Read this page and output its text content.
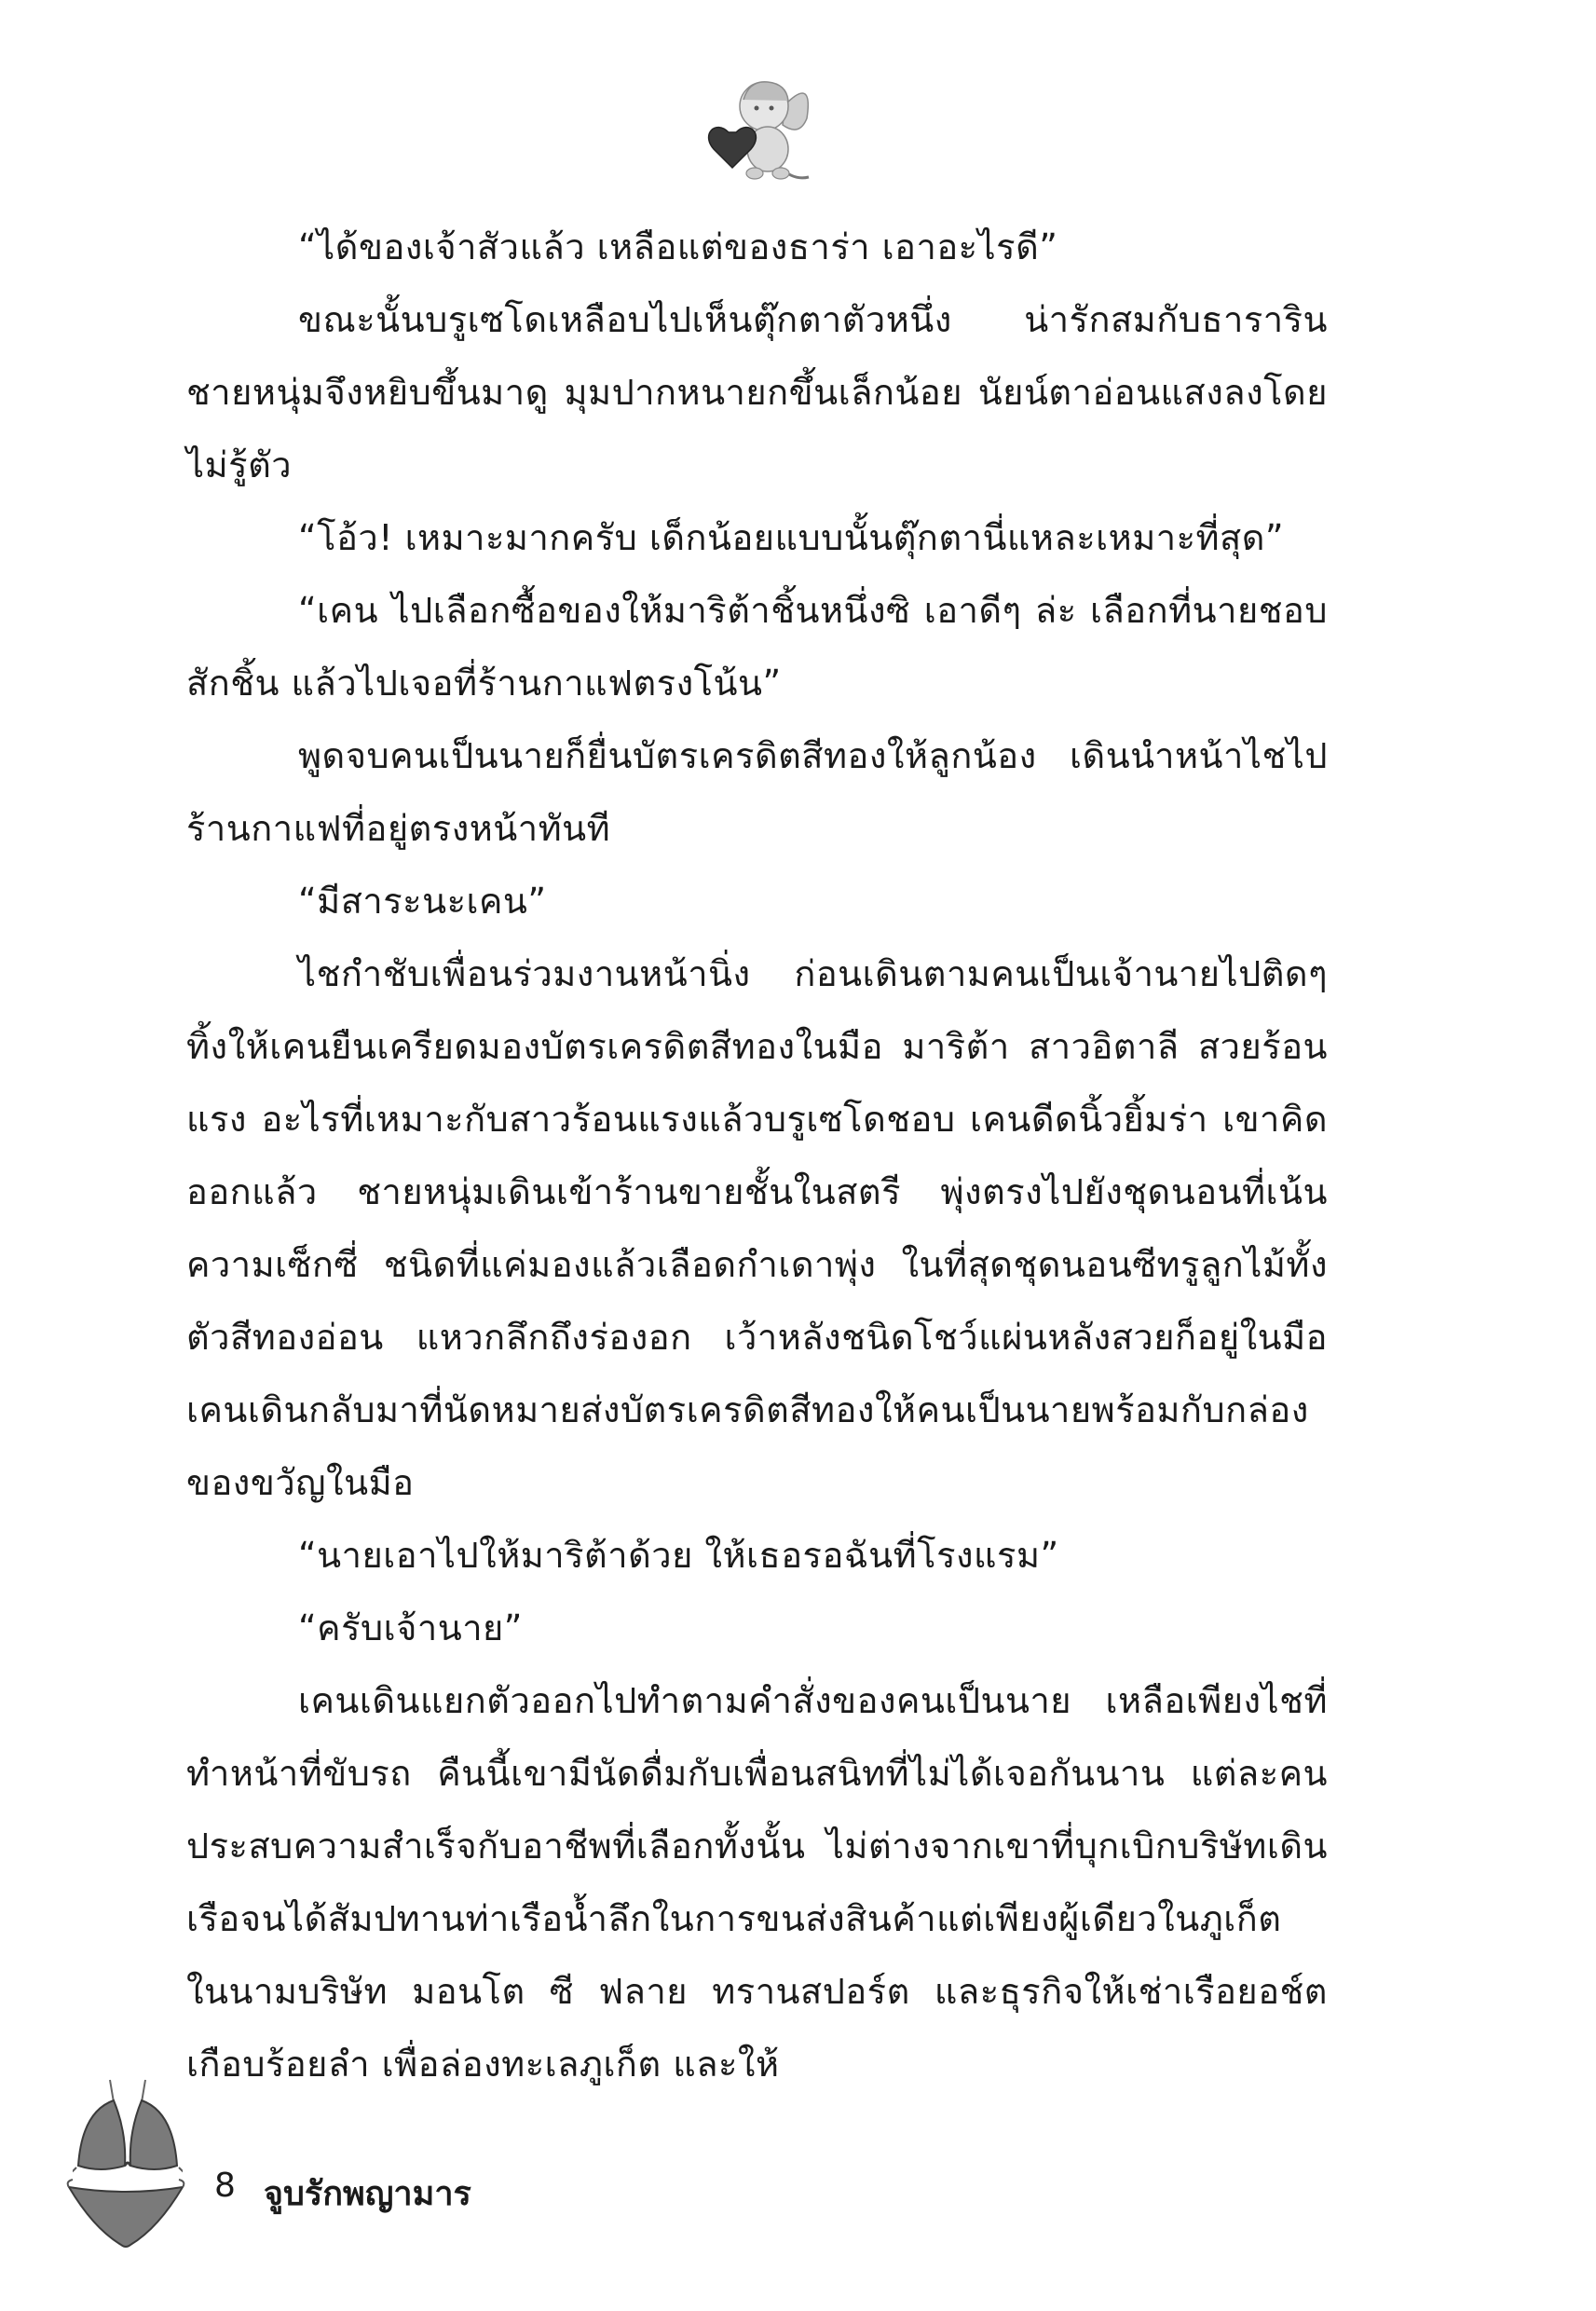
“ได้ของเจ้าสัวแล้ว เหลือแต่ของธาร่า เอาอะไรดี”

ขณะนั้นบรูเซโดเหลือบไปเห็นตุ๊กตาตัวหนึ่ง น่ารักสมกับธาราริน ชายหนุ่มจึงหยิบขึ้นมาดู มุมปากหนายกขึ้นเล็กน้อย นัยน์ตาอ่อนแสงลงโดยไม่รู้ตัว

“โอ้ว! เหมาะมากครับ เด็กน้อยแบบนั้นตุ๊กตานี่แหละเหมาะที่สุด”

“เคน ไปเลือกซื้อของให้มาริต้าชิ้นหนึ่งซิ เอาดีๆ ล่ะ เลือกที่นายชอบสักชิ้น แล้วไปเจอที่ร้านกาแฟตรงโน้น”

พูดจบคนเป็นนายก็ยื่นบัตรเครดิตสีทองให้ลูกน้อง เดินนำหน้าไชไปร้านกาแฟที่อยู่ตรงหน้าทันที

“มีสาระนะเคน”

ไชกำชับเพื่อนร่วมงานหน้านิ่ง ก่อนเดินตามคนเป็นเจ้านายไปติดๆ ทิ้งให้เคนยืนเครียดมองบัตรเครดิตสีทองในมือ มาริต้า สาวอิตาลี สวยร้อนแรง อะไรที่เหมาะกับสาวร้อนแรงแล้วบรูเซโดชอบ เคนดีดนิ้วยิ้มร่า เขาคิดออกแล้ว ชายหนุ่มเดินเข้าร้านขายชั้นในสตรี พุ่งตรงไปยังชุดนอนที่เน้นความเซ็กซี่ ชนิดที่แค่มองแล้วเลือดกำเดาพุ่ง ในที่สุดชุดนอนซีทรูลูกไม้ทั้งตัวสีทองอ่อน แหวกลึกถึงร่องอก เว้าหลังชนิดโชว์แผ่นหลังสวยก็อยู่ในมือ เคนเดินกลับมาที่นัดหมายส่งบัตรเครดิตสีทองให้คนเป็นนายพร้อมกับกล่องของขวัญในมือ

“นายเอาไปให้มาริต้าด้วย ให้เธอรอฉันที่โรงแรม”

“ครับเจ้านาย”

เคนเดินแยกตัวออกไปทำตามคำสั่งของคนเป็นนาย เหลือเพียงไชที่ทำหน้าที่ขับรถ คืนนี้เขามีนัดดื่มกับเพื่อนสนิทที่ไม่ได้เจอกันนาน แต่ละคนประสบความสำเร็จกับอาชีพที่เลือกทั้งนั้น ไม่ต่างจากเขาที่บุกเบิกบริษัทเดินเรือจนได้สัมปทานท่าเรือน้ำลึกในการขนส่งสินค้าแต่เพียงผู้เดียวในภูเก็ต ในนามบริษัท มอนโต ซี ฟลาย ทรานสปอร์ต และธุรกิจให้เช่าเรือยอช์ตเกือบร้อยลำ เพื่อล่องทะเลภูเก็ต และให้

8 จูบรักพญามาร
